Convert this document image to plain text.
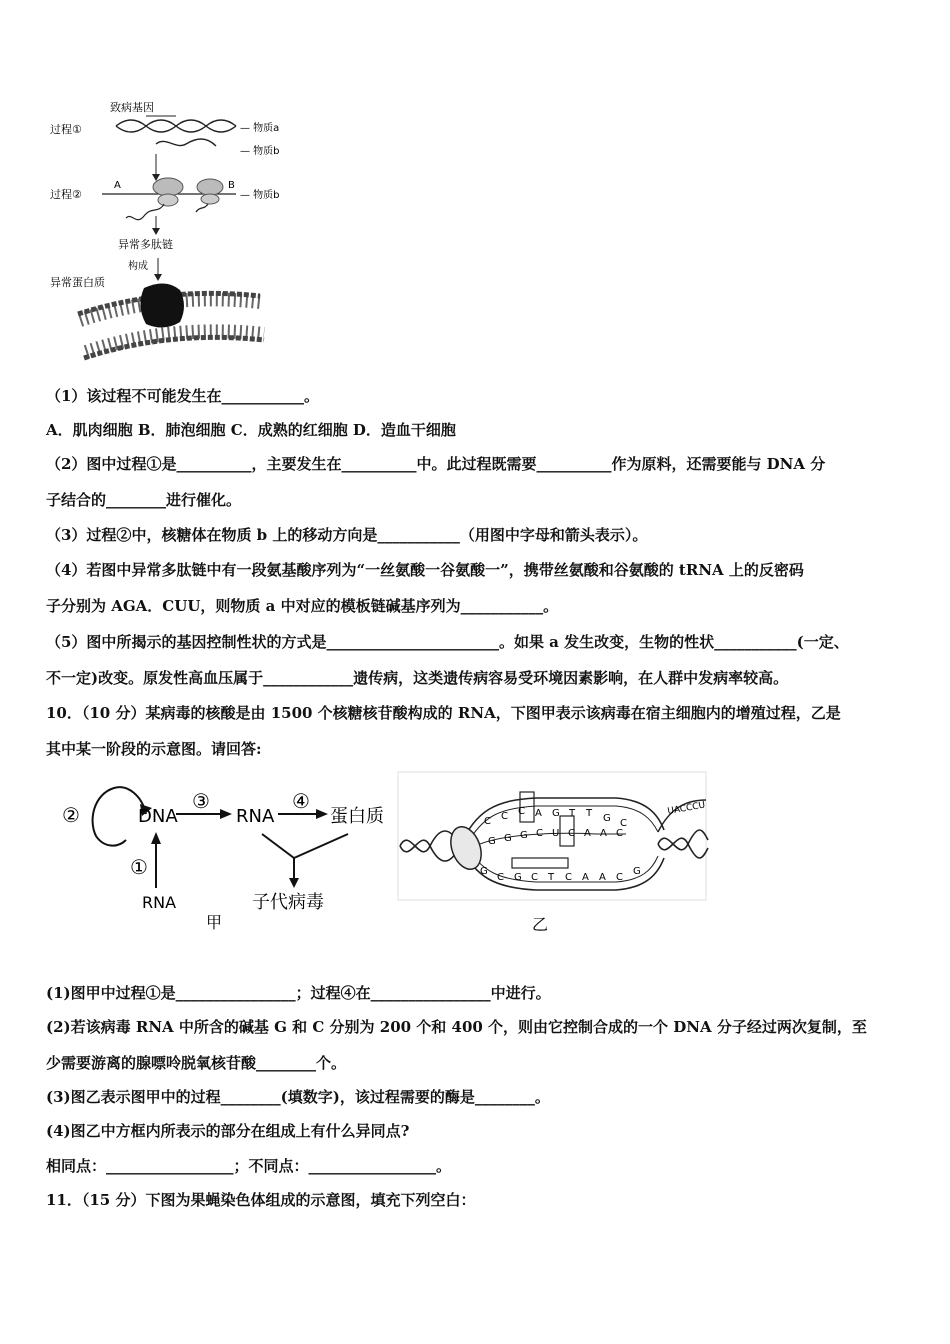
致病基因
过程①	— 物质a
— 物质b
过程②
A	B
— 物质b
异常多肽链
构成
异常蛋白质
（1）该过程不可能发生在___________。
A．肌肉细胞 B．肺泡细胞 C．成熟的红细胞 D．造血干细胞
（2）图中过程①是__________，主要发生在__________中。此过程既需要__________作为原料，还需要能与 DNA 分
子结合的________进行催化。
（3）过程②中，核糖体在物质 b 上的移动方向是___________（用图中字母和箭头表示）。
（4）若图中异常多肽链中有一段氨基酸序列为“一丝氨酸一谷氨酸一”，携带丝氨酸和谷氨酸的 tRNA 上的反密码
子分别为 AGA．CUU，则物质 a 中对应的模板链碱基序列为___________。
（5）图中所揭示的基因控制性状的方式是_______________________。如果 a 发生改变，生物的性状___________(一定、
不一定)改变。原发性高血压属于____________遗传病，这类遗传病容易受环境因素影响，在人群中发病率较高。
10．（10 分）某病毒的核酸是由 1500 个核糖核苷酸构成的 RNA，下图甲表示该病毒在宿主细胞内的增殖过程，乙是
其中某一阶段的示意图。请回答:
②	DNA
③
RNA
④
蛋白质
①
RNA	子代病毒
甲
C C C A G T T G C
G G G C U C A A C
G
C G C T C A A C
G
UACCCU
乙
(1)图甲中过程①是________________；过程④在________________中进行。
(2)若该病毒 RNA 中所含的碱基 G 和 C 分别为 200 个和 400 个，则由它控制合成的一个 DNA 分子经过两次复制，至
少需要游离的腺嘌呤脱氧核苷酸________个。
(3)图乙表示图甲中的过程________(填数字)，该过程需要的酶是________。
(4)图乙中方框内所表示的部分在组成上有什么异同点?
相同点：_________________；不同点：_________________。
11．（15 分）下图为果蝇染色体组成的示意图，填充下列空白：
